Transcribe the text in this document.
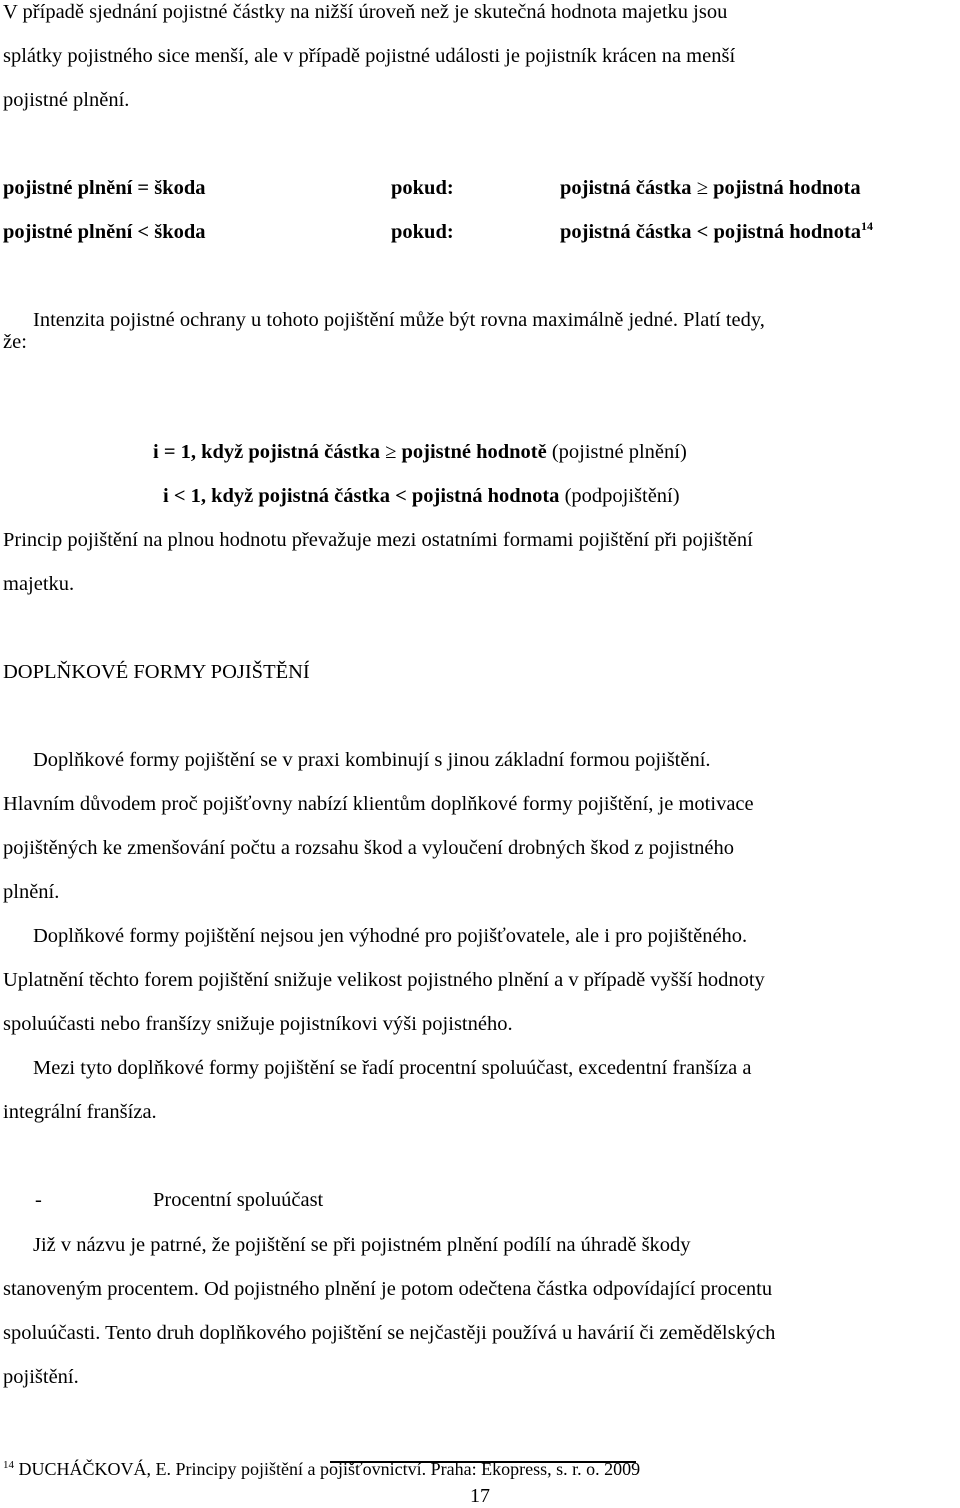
V případě sjednání pojistné částky na nižší úroveň než je skutečná hodnota majetku jsou
splátky pojistného sice menší, ale v případě pojistné události je pojistník krácen na menší
pojistné plnění.
pojistné plnění = škoda	pokud:	pojistná částka ≥ pojistná hodnota
pojistné plnění < škoda	pokud:	pojistná částka < pojistná hodnota$^{14}$
Intenzita pojistné ochrany u tohoto pojištění může být rovna maximálně jedné. Platí tedy,
že:
i = 1, když pojistná částka ≥ pojistné hodnotě (pojistné plnění)
i < 1, když pojistná částka < pojistná hodnota (podpojištění)
Princip pojištění na plnou hodnotu převažuje mezi ostatními formami pojištění při pojištění
majetku.
DOPLŇKOVÉ FORMY POJIŠTĚNÍ
Doplňkové formy pojištění se v praxi kombinují s jinou základní formou pojištění.
Hlavním důvodem proč pojišťovny nabízí klientům doplňkové formy pojištění, je motivace
pojištěných ke zmenšování počtu a rozsahu škod a vyloučení drobných škod z pojistného
plnění.
Doplňkové formy pojištění nejsou jen výhodné pro pojišťovatele, ale i pro pojištěného.
Uplatnění těchto forem pojištění snižuje velikost pojistného plnění a v případě vyšší hodnoty
spoluúčasti nebo franšízy snižuje pojistníkovi výši pojistného.
Mezi tyto doplňkové formy pojištění se řadí procentní spoluúčast, excedentní franšíza a
integrální franšíza.
-	Procentní spoluúčast
Již v názvu je patrné, že pojištění se při pojistném plnění podílí na úhradě škody
stanoveným procentem. Od pojistného plnění je potom odečtena částka odpovídající procentu
spoluúčasti. Tento druh doplňkového pojištění se nejčastěji používá u havárií či zemědělských
pojištění.
$^{14}$ DUCHÁČKOVÁ, E. Principy pojištění a pojišťovnictví. Praha: Ekopress, s. r. o. 2009
17
